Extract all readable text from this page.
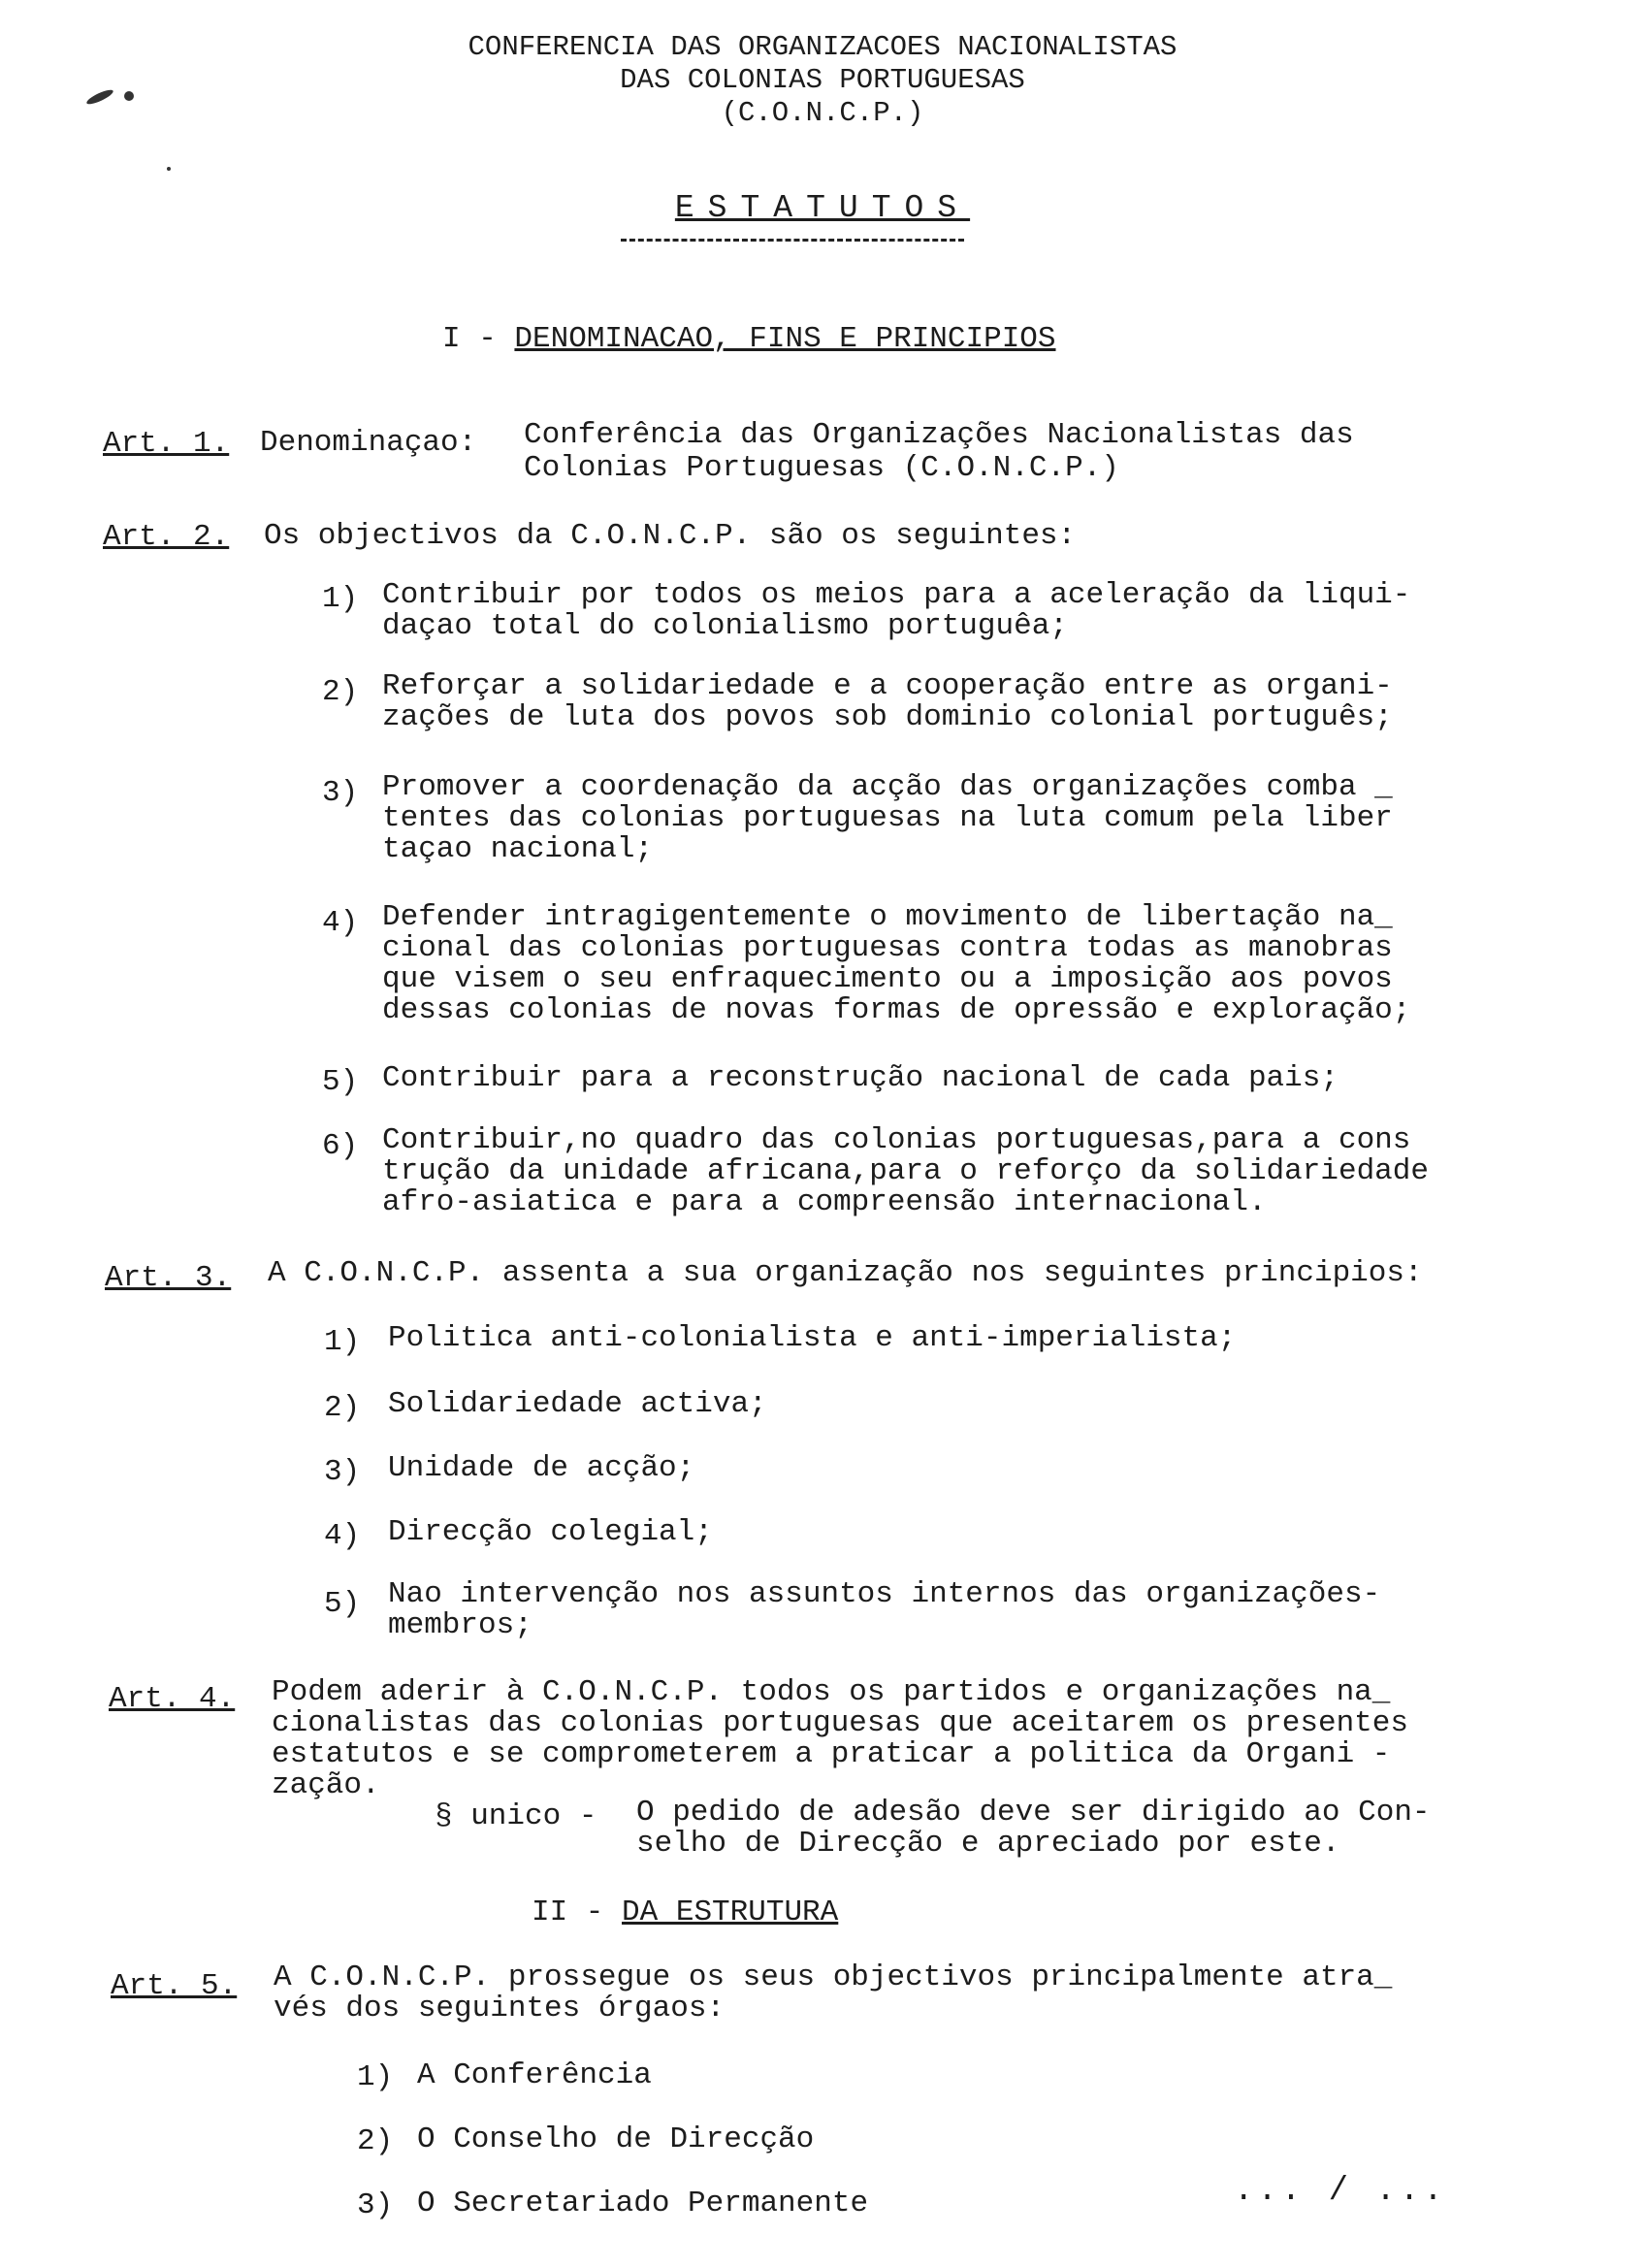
CONFERENCIA DAS ORGANIZACOES NACIONALISTAS
DAS COLONIAS PORTUGUESAS
(C.O.N.C.P.)
ESTATUTOS
I - DENOMINACAO, FINS E PRINCIPIOS
Art. 1. Denominaçao: Conferência das Organizações Nacionalistas das
Colonias Portuguesas (C.O.N.C.P.)
Art. 2. Os objectivos da C.O.N.C.P. são os seguintes:
1) Contribuir por todos os meios para a aceleração da liqui-
daçao total do colonialismo portuguêa;
2) Reforçar a solidariedade e a cooperação entre as organi-
zações de luta dos povos sob dominio colonial português;
3) Promover a coordenação da acção das organizações comba _
tentes das colonias portuguesas na luta comum pela liber
taçao nacional;
4) Defender intragigentemente o movimento de libertação na_
cional das colonias portuguesas contra todas as manobras
que visem o seu enfraquecimento ou a imposição aos povos
dessas colonias de novas formas de opressão e exploração;
5) Contribuir para a reconstrução nacional de cada pais;
6) Contribuir,no quadro das colonias portuguesas,para a cons
trução da unidade africana,para o reforço da solidariedade
afro-asiatica e para a compreensão internacional.
Art. 3. A C.O.N.C.P. assenta a sua organização nos seguintes principios:
1) Politica anti-colonialista e anti-imperialista;
2) Solidariedade activa;
3) Unidade de acção;
4) Direcção colegial;
5) Nao intervenção nos assuntos internos das organizações-
membros;
Art. 4. Podem aderir à C.O.N.C.P. todos os partidos e organizações na_
cionalistas das colonias portuguesas que aceitarem os presentes
estatutos e se comprometerem a praticar a politica da Organi -
zação.
§ unico - O pedido de adesão deve ser dirigido ao Con-
selho de Direcção e apreciado por este.
II - DA ESTRUTURA
Art. 5. A C.O.N.C.P. prossegue os seus objectivos principalmente atra_
vés dos seguintes órgaos:
1) A Conferência
2) O Conselho de Direcção
3) O Secretariado Permanente	... / ...
